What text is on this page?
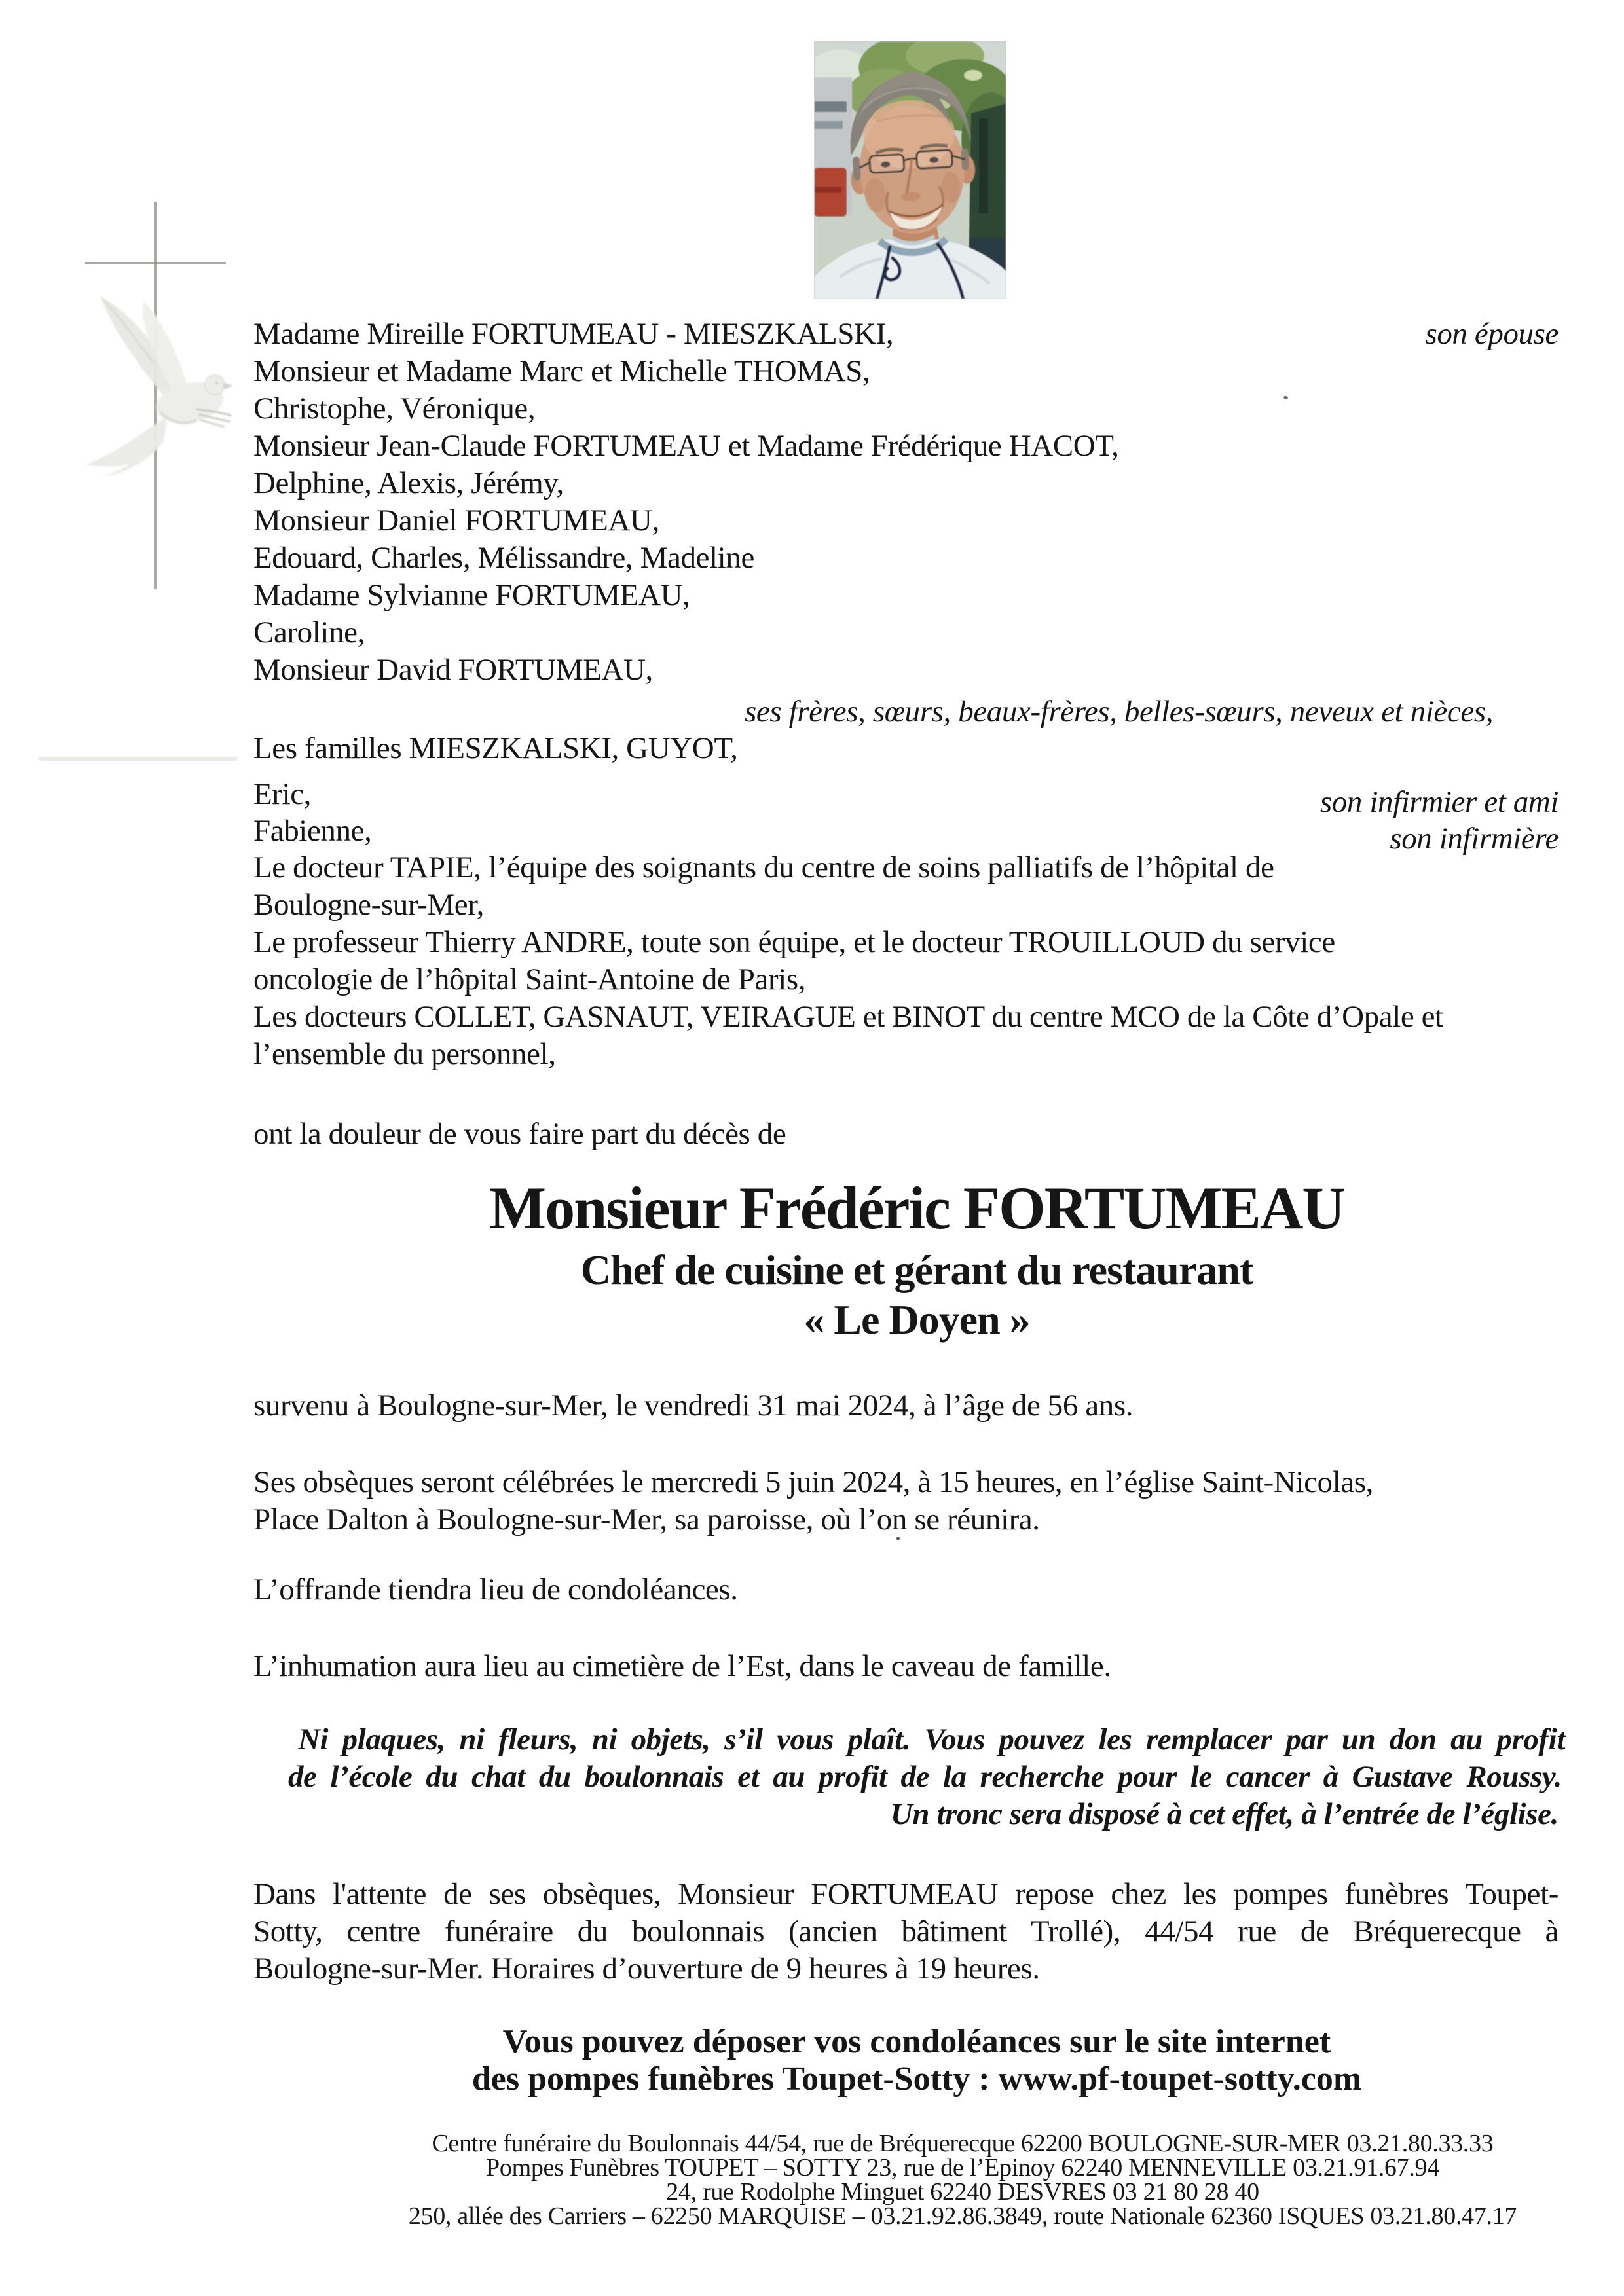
Madame Mireille FORTUMEAU - MIESZKALSKI,	son épouse
Monsieur et Madame Marc et Michelle THOMAS,
Christophe, Véronique,
Monsieur Jean-Claude FORTUMEAU et Madame Frédérique HACOT,
Delphine, Alexis, Jérémy,
Monsieur Daniel FORTUMEAU,
Edouard, Charles, Mélissandre, Madeline
Madame Sylvianne FORTUMEAU,
Caroline,
Monsieur David FORTUMEAU,
ses frères, sœurs, beaux-frères, belles-sœurs, neveux et nièces,
Les familles MIESZKALSKI, GUYOT,
Eric,	son infirmier et ami
Fabienne,	son infirmière
Le docteur TAPIE, l’équipe des soignants du centre de soins palliatifs de l’hôpital de
Boulogne-sur-Mer,
Le professeur Thierry ANDRE, toute son équipe, et le docteur TROUILLOUD du service
oncologie de l’hôpital Saint-Antoine de Paris,
Les docteurs COLLET, GASNAUT, VEIRAGUE et BINOT du centre MCO de la Côte d’Opale et
l’ensemble du personnel,
ont la douleur de vous faire part du décès de
Monsieur Frédéric FORTUMEAU
Chef de cuisine et gérant du restaurant
« Le Doyen »
survenu à Boulogne-sur-Mer, le vendredi 31 mai 2024, à l’âge de 56 ans.
Ses obsèques seront célébrées le mercredi 5 juin 2024, à 15 heures, en l’église Saint-Nicolas,
Place Dalton à Boulogne-sur-Mer, sa paroisse, où l’on se réunira.
L’offrande tiendra lieu de condoléances.
L’inhumation aura lieu au cimetière de l’Est, dans le caveau de famille.
Ni plaques, ni fleurs, ni objets, s’il vous plaît. Vous pouvez les remplacer par un don au profit
de l’école du chat du boulonnais et au profit de la recherche pour le cancer à Gustave Roussy.
Un tronc sera disposé à cet effet, à l’entrée de l’église.
Dans l'attente de ses obsèques, Monsieur FORTUMEAU repose chez les pompes funèbres Toupet-
Sotty, centre funéraire du boulonnais (ancien bâtiment Trollé), 44/54 rue de Bréquerecque à
Boulogne-sur-Mer. Horaires d’ouverture de 9 heures à 19 heures.
Vous pouvez déposer vos condoléances sur le site internet
des pompes funèbres Toupet-Sotty : www.pf-toupet-sotty.com
Centre funéraire du Boulonnais 44/54, rue de Bréquerecque 62200 BOULOGNE-SUR-MER 03.21.80.33.33
Pompes Funèbres TOUPET – SOTTY 23, rue de l’Epinoy 62240 MENNEVILLE 03.21.91.67.94
24, rue Rodolphe Minguet 62240 DESVRES 03 21 80 28 40
250, allée des Carriers – 62250 MARQUISE – 03.21.92.86.3849, route Nationale 62360 ISQUES 03.21.80.47.17
